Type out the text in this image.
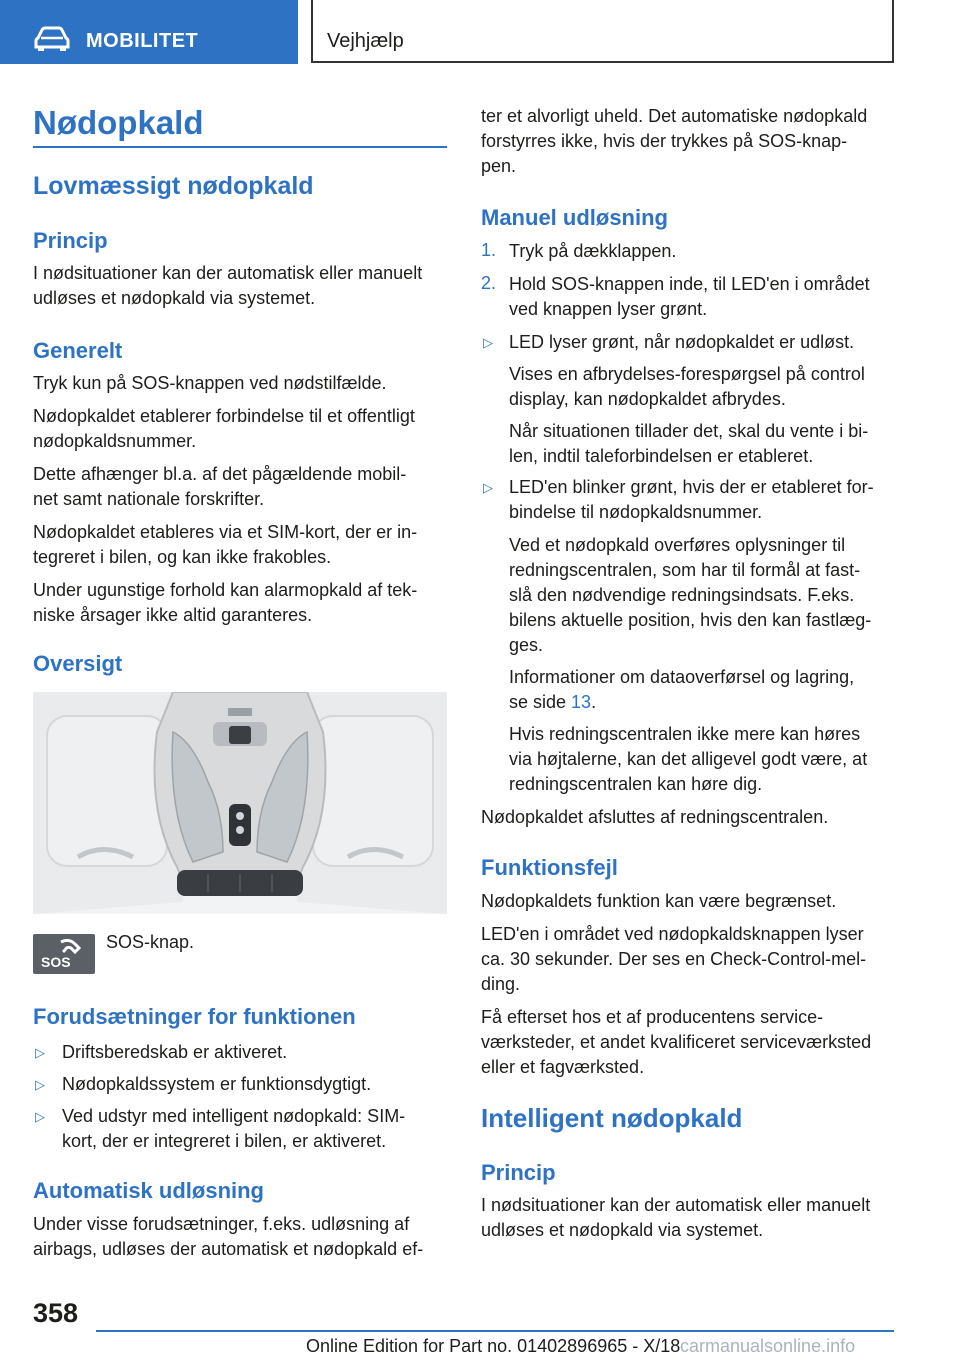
MOBILITET	Vejhjælp
Nødopkald
Lovmæssigt nødopkald
Princip
I nødsituationer kan der automatisk eller manuelt
udløses et nødopkald via systemet.
Generelt
Tryk kun på SOS-knappen ved nødstilfælde.
Nødopkaldet etablerer forbindelse til et offentligt
nødopkaldsnummer.
Dette afhænger bl.a. af det pågældende mobil-
net samt nationale forskrifter.
Nødopkaldet etableres via et SIM-kort, der er in-
tegreret i bilen, og kan ikke frakobles.
Under ugunstige forhold kan alarmopkald af tek-
niske årsager ikke altid garanteres.
Oversigt
SOS
SOS-knap.
Forudsætninger for funktionen
▷ Driftsberedskab er aktiveret.
▷ Nødopkaldssystem er funktionsdygtigt.
▷ Ved udstyr med intelligent nødopkald: SIM-
kort, der er integreret i bilen, er aktiveret.
Automatisk udløsning
Under visse forudsætninger, f.eks. udløsning af
airbags, udløses der automatisk et nødopkald ef-
ter et alvorligt uheld. Det automatiske nødopkald
forstyrres ikke, hvis der trykkes på SOS-knap-
pen.
Manuel udløsning
1. Tryk på dækklappen.
2. Hold SOS-knappen inde, til LED'en i området
ved knappen lyser grønt.
▷ LED lyser grønt, når nødopkaldet er udløst.
Vises en afbrydelses-forespørgsel på control
display, kan nødopkaldet afbrydes.
Når situationen tillader det, skal du vente i bi-
len, indtil taleforbindelsen er etableret.
▷ LED'en blinker grønt, hvis der er etableret for-
bindelse til nødopkaldsnummer.
Ved et nødopkald overføres oplysninger til
redningscentralen, som har til formål at fast-
slå den nødvendige redningsindsats. F.eks.
bilens aktuelle position, hvis den kan fastlæg-
ges.
Informationer om dataoverførsel og lagring,
se side 13.
Hvis redningscentralen ikke mere kan høres
via højtalerne, kan det alligevel godt være, at
redningscentralen kan høre dig.
Nødopkaldet afsluttes af redningscentralen.
Funktionsfejl
Nødopkaldets funktion kan være begrænset.
LED'en i området ved nødopkaldsknappen lyser
ca. 30 sekunder. Der ses en Check-Control-mel-
ding.
Få efterset hos et af producentens service-
værksteder, et andet kvalificeret serviceværksted
eller et fagværksted.
Intelligent nødopkald
Princip
I nødsituationer kan der automatisk eller manuelt
udløses et nødopkald via systemet.
358
Online Edition for Part no. 01402896965 - X/18 carmanualsonline.info
